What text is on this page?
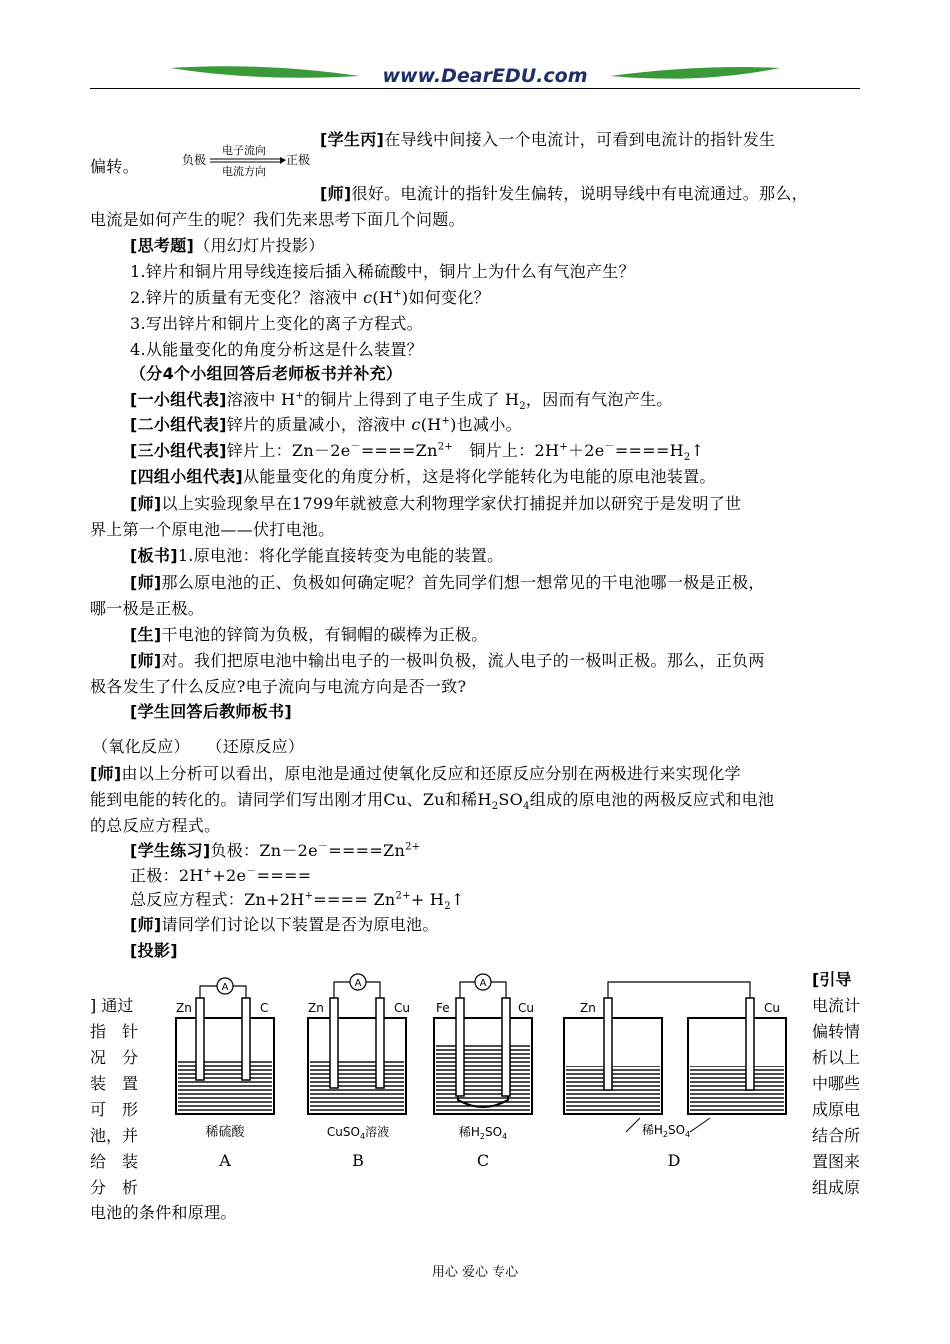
www.DearEDU.com
负极
电子流向
电流方向
正极
[学生丙]在导线中间接入一个电流计，可看到电流计的指针发生
偏转。
[师]很好。电流计的指针发生偏转，说明导线中有电流通过。那么，
电流是如何产生的呢？我们先来思考下面几个问题。
[思考题]（用幻灯片投影）
1.锌片和铜片用导线连接后插入稀硫酸中，铜片上为什么有气泡产生？
2.锌片的质量有无变化？溶液中 c(H+)如何变化？
3.写出锌片和铜片上变化的离子方程式。
4.从能量变化的角度分析这是什么装置？
（分4个小组回答后老师板书并补充）
[一小组代表]溶液中 H+的铜片上得到了电子生成了 $H_2$，因而有气泡产生。
[二小组代表]锌片的质量减小，溶液中 c(H+)也减小。
[三小组代表]锌片上：$Zn-2e^-====Zn^{2+}$　铜片上：$2H^++2e^-====H_2↑$
[四组小组代表]从能量变化的角度分析，这是将化学能转化为电能的原电池装置。
[师]以上实验现象早在1799年就被意大利物理学家伏打捕捉并加以研究于是发明了世
界上第一个原电池——伏打电池。
[板书]1.原电池：将化学能直接转变为电能的装置。
[师]那么原电池的正、负极如何确定呢？首先同学们想一想常见的干电池哪一极是正极，
哪一极是正极。
[生]干电池的锌筒为负极，有铜帽的碳棒为正极。
[师]对。我们把原电池中输出电子的一极叫负极，流人电子的一极叫正极。那么，正负两
极各发生了什么反应?电子流向与电流方向是否一致?
[学生回答后教师板书]
（氧化反应）　　（还原反应）
[师]由以上分析可以看出，原电池是通过使氧化反应和还原反应分别在两极进行来实现化学
能到电能的转化的。请同学们写出刚才用Cu、Zu和稀$H_2SO_4$组成的原电池的两极反应式和电池
的总反应方程式。
[学生练习]负极：$Zn-2e^-====Zn^{2+}$
正极：2H++2e－====
总反应方程式：$Zn+2H^+==== Zn^{2+}+$ $H_2↑$
[师]请同学们讨论以下装置是否为原电池。
[投影]
] 通过
指　针
况　分
装　置
可　形
池，并
给　装
分　析
[引导
电流计
偏转情
析以上
中哪些
成原电
结合所
置图来
组成原
电池的条件和原理。
A
Zn	C
稀硫酸
A
A
Zn	Cu
CuSO$_4$溶液
B
A
Fe	Cu
稀$H_2SO_4$
C
Zn	Cu
稀$H_2SO_4$
D
用心 爱心 专心
